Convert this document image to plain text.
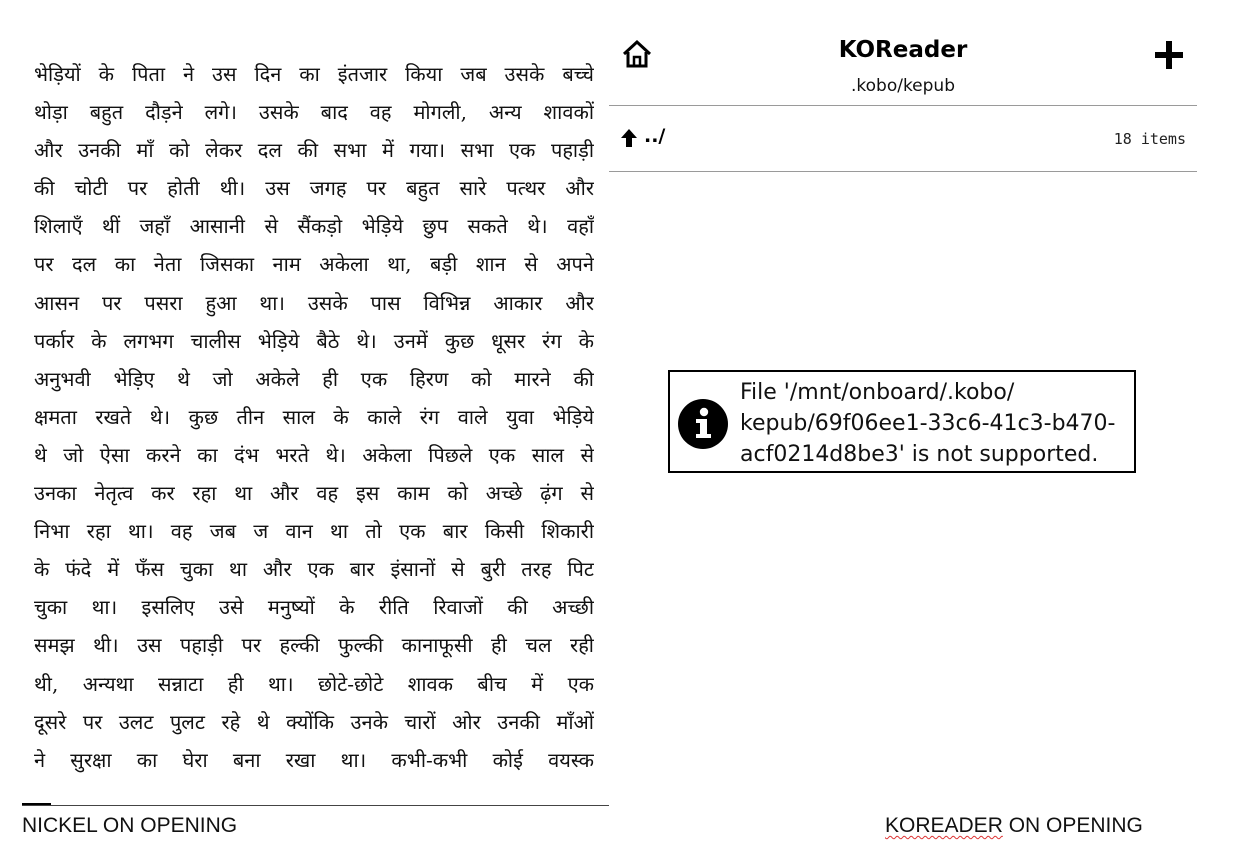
भेड़ियों के पिता ने उस दिन का इंतजार किया जब उसके बच्चे
थोड़ा बहुत दौड़ने लगे। उसके बाद वह मोगली, अन्य शावकों
और उनकी माँ को लेकर दल की सभा में गया। सभा एक पहाड़ी
की चोटी पर होती थी। उस जगह पर बहुत सारे पत्थर और
शिलाएँ थीं जहाँ आसानी से सैंकड़ो भेड़िये छुप सकते थे। वहाँ
पर दल का नेता जिसका नाम अकेला था, बड़ी शान से अपने
आसन पर पसरा हुआ था। उसके पास विभिन्न आकार और
पर्कार के लगभग चालीस भेड़िये बैठे थे। उनमें कुछ धूसर रंग के
अनुभवी भेड़िए थे जो अकेले ही एक हिरण को मारने की
क्षमता रखते थे। कुछ तीन साल के काले रंग वाले युवा भेड़िये
थे जो ऐसा करने का दंभ भरते थे। अकेला पिछले एक साल से
उनका नेतृत्व कर रहा था और वह इस काम को अच्छे ढ़ंग से
निभा रहा था। वह जब ज वान था तो एक बार किसी शिकारी
के फंदे में फँस चुका था और एक बार इंसानों से बुरी तरह पिट
चुका था। इसलिए उसे मनुष्यों के रीति रिवाजों की अच्छी
समझ थी। उस पहाड़ी पर हल्की फुल्की कानाफूसी ही चल रही
थी, अन्यथा सन्नाटा ही था। छोटे-छोटे शावक बीच में एक
दूसरे पर उलट पुलट रहे थे क्योंकि उनके चारों ओर उनकी माँओं
ने सुरक्षा का घेरा बना रखा था। कभी-कभी कोई वयस्क
NICKEL ON OPENING
KOReader
.kobo/kepub
../	18 items
File '/mnt/onboard/.kobo/
kepub/69f06ee1-33c6-41c3-b470-
acf0214d8be3' is not supported.
KOREADER ON OPENING
